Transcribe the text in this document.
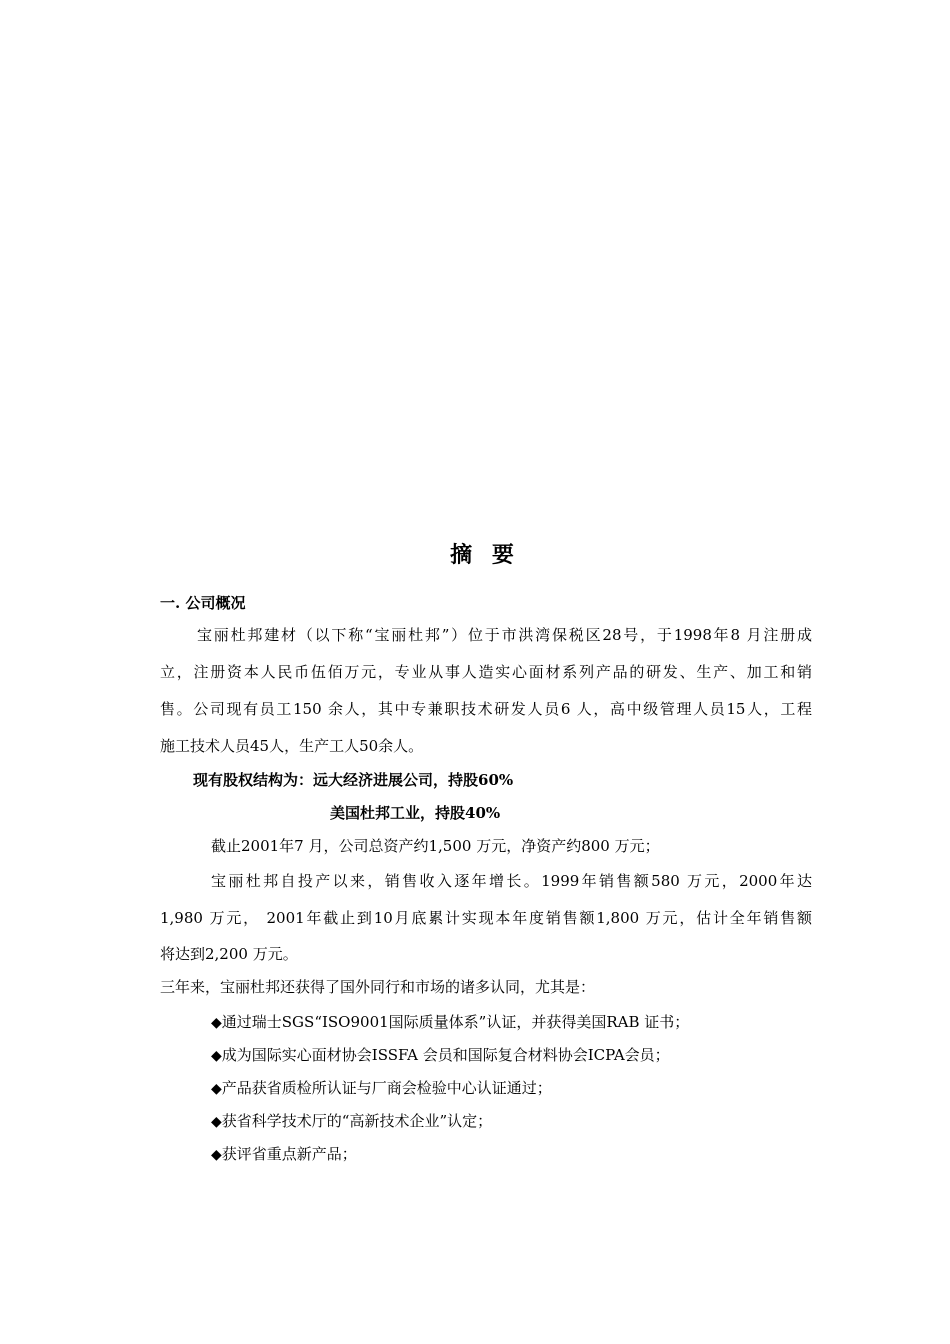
摘 要
一. 公司概况
宝丽杜邦建材（以下称“宝丽杜邦”）位于市洪湾保税区28号，于1998年8 月注册成
立，注册资本人民币伍佰万元，专业从事人造实心面材系列产品的研发、生产、加工和销
售。公司现有员工150 余人，其中专兼职技术研发人员6 人，高中级管理人员15人，工程
施工技术人员45人，生产工人50余人。
现有股权结构为：远大经济进展公司，持股60%
美国杜邦工业，持股40%
截止2001年7 月，公司总资产约1,500 万元，净资产约800 万元；
宝丽杜邦自投产以来，销售收入逐年增长。1999年销售额580 万元，2000年达
1,980 万元， 2001年截止到10月底累计实现本年度销售额1,800 万元，估计全年销售额
将达到2,200 万元。
三年来，宝丽杜邦还获得了国外同行和市场的诸多认同，尤其是：
◆通过瑞士SGS“ISO9001国际质量体系”认证，并获得美国RAB 证书；
◆成为国际实心面材协会ISSFA 会员和国际复合材料协会ICPA会员；
◆产品获省质检所认证与厂商会检验中心认证通过；
◆获省科学技术厅的“高新技术企业”认定；
◆获评省重点新产品；
